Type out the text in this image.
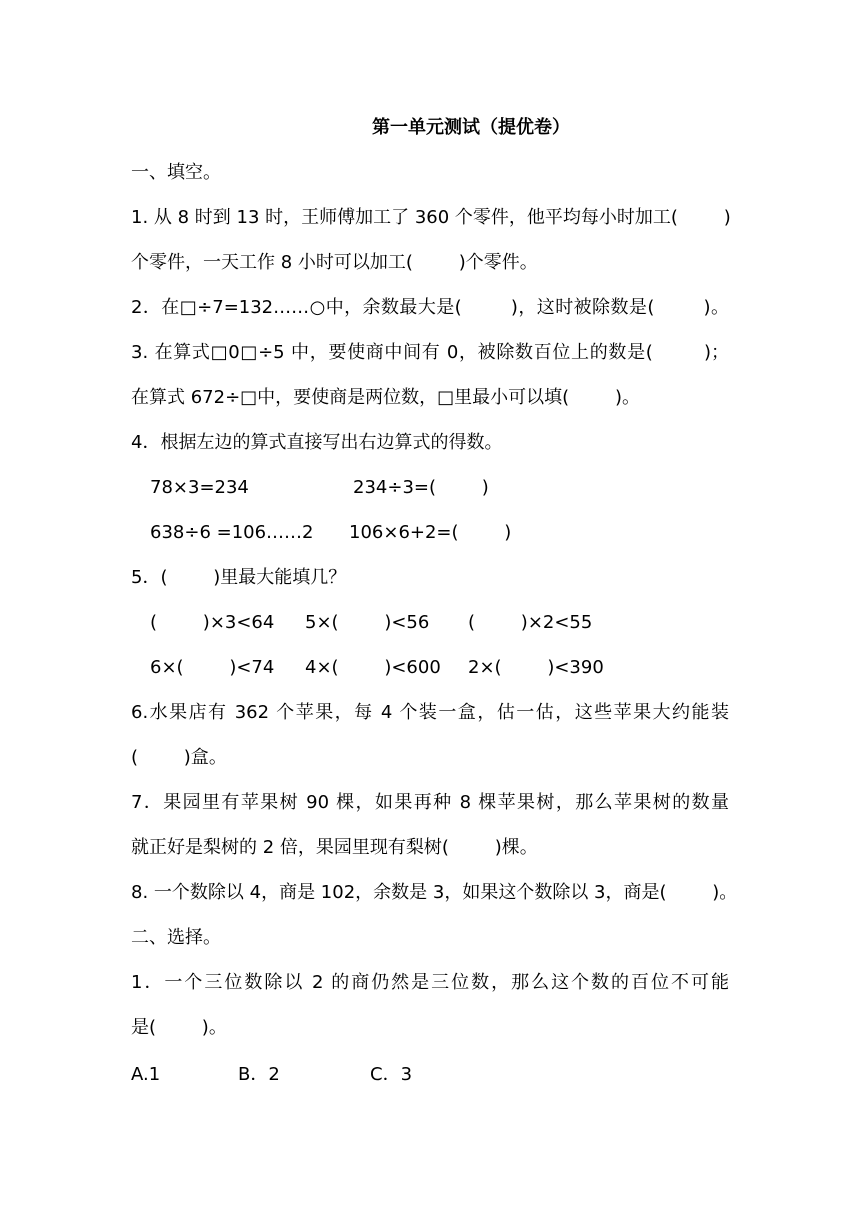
第一单元测试（提优卷）
一、填空。
1. 从 8 时到 13 时，王师傅加工了 360 个零件，他平均每小时加工(        )
个零件，一天工作 8 小时可以加工(        )个零件。
2．在□÷7=132……○中，余数最大是(        )，这时被除数是(        )。
3. 在算式□0□÷5 中，要使商中间有 0，被除数百位上的数是(        )；
在算式 672÷□中，要使商是两位数，□里最小可以填(        )。
4．根据左边的算式直接写出右边算式的得数。
78×3=234	234÷3=(        )
638÷6 =106……2 106×6+2=(        )
5．(        )里最大能填几？
(        )×3<64 5×(        )<56 (        )×2<55
6×(        )<74 4×(        )<600 2×(        )<390
6.水果店有 362 个苹果，每 4 个装一盒，估一估，这些苹果大约能装
(        )盒。
7．果园里有苹果树 90 棵，如果再种 8 棵苹果树，那么苹果树的数量
就正好是梨树的 2 倍，果园里现有梨树(        )棵。
8. 一个数除以 4，商是 102，余数是 3，如果这个数除以 3，商是(        )。
二、选择。
1．一个三位数除以 2 的商仍然是三位数，那么这个数的百位不可能
是(        )。
A.1	B．2	C．3
